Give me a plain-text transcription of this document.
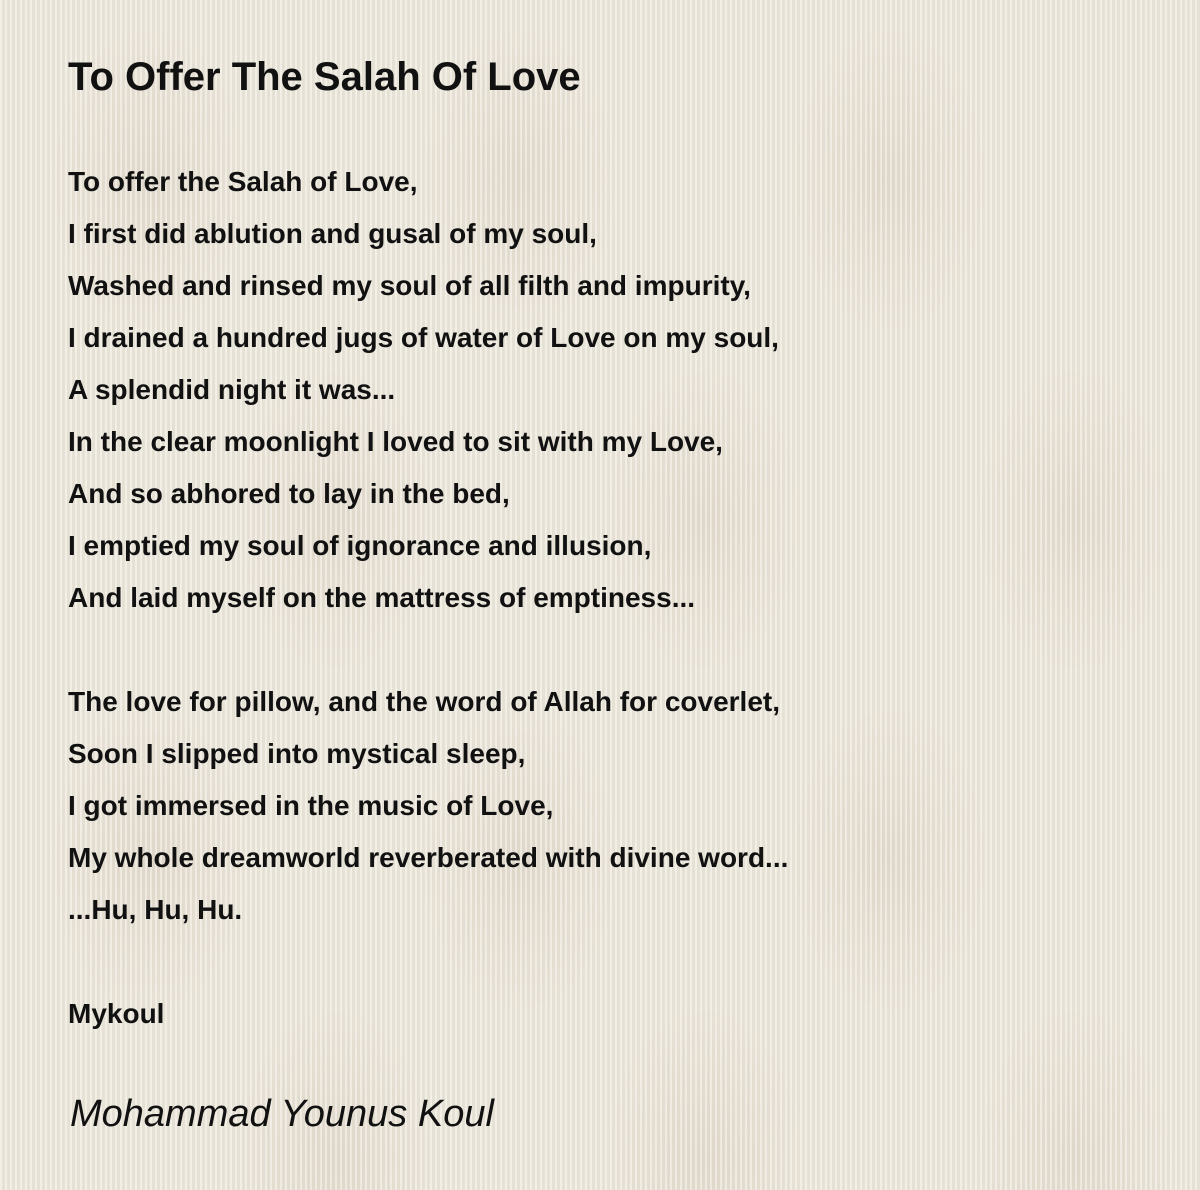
To Offer The Salah Of Love
To offer the Salah of Love,
I first did ablution and gusal of my soul,
Washed and rinsed my soul of all filth and impurity,
I drained a hundred jugs of water of Love on my soul,
A splendid night it was...
In the clear moonlight I loved to sit with my Love,
And so abhored to lay in the bed,
I emptied my soul of ignorance and illusion,
And laid myself on the mattress of emptiness...
The love for pillow, and the word of Allah for coverlet,
Soon I slipped into mystical sleep,
I got immersed in the music of Love,
My whole dreamworld reverberated with divine word...
...Hu, Hu, Hu.
Mykoul
Mohammad Younus Koul
